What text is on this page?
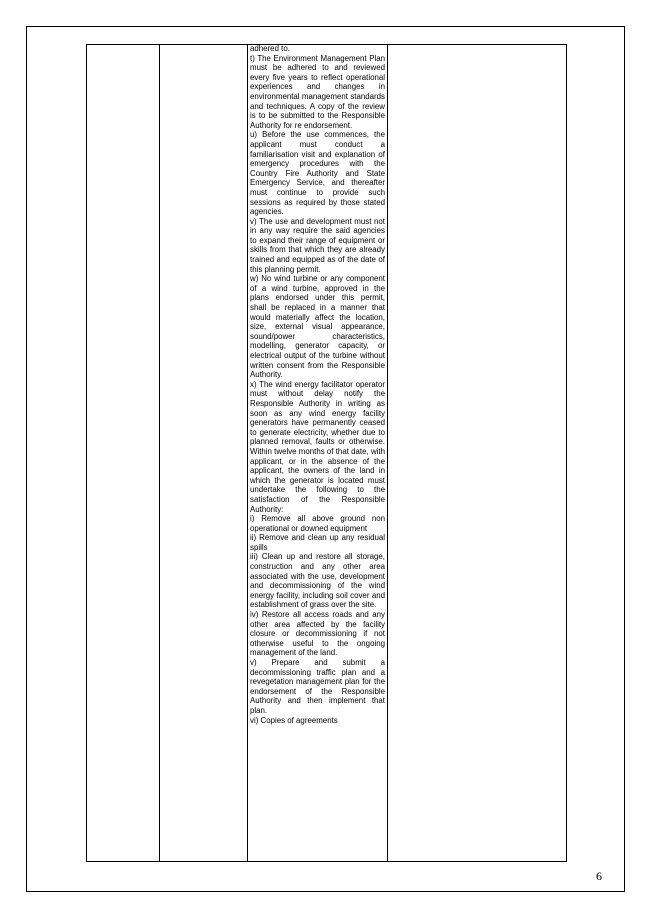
adhered to.

t) The Environment Management Plan must be adhered to and reviewed every five years to reflect operational experiences and changes in environmental management standards and techniques. A copy of the review is to be submitted to the Responsible Authority for re endorsement.

u) Before the use commences, the applicant must conduct a familiarisation visit and explanation of emergency procedures with the Country Fire Authority and State Emergency Service, and thereafter must continue to provide such sessions as required by those stated agencies.

v) The use and development must not in any way require the said agencies to expand their range of equipment or skills from that which they are already trained and equipped as of the date of this planning permit.

w) No wind turbine or any component of a wind turbine, approved in the plans endorsed under this permit, shall be replaced in a manner that would materially affect the location, size, external visual appearance, sound/power characteristics, modelling, generator capacity, or electrical output of the turbine without written consent from the Responsible Authority.

x) The wind energy facilitator operator must without delay notify the Responsible Authority in writing as soon as any wind energy facility generators have permanently ceased to generate electricity, whether due to planned removal, faults or otherwise. Within twelve months of that date, with applicant, or in the absence of the applicant, the owners of the land in which the generator is located must undertake the following to the satisfaction of the Responsible Authority:

i) Remove all above ground non operational or downed equipment

ii) Remove and clean up any residual spills

iii) Clean up and restore all storage, construction and any other area associated with the use, development and decommissioning of the wind energy facility, including soil cover and establishment of grass over the site.

iv) Restore all access roads and any other area affected by the facility closure or decommissioning if not otherwise useful to the ongoing management of the land.

v) Prepare and submit a decommissioning traffic plan and a revegetation management plan for the endorsement of the Responsible Authority and then implement that plan.

vi) Copies of agreements

6
